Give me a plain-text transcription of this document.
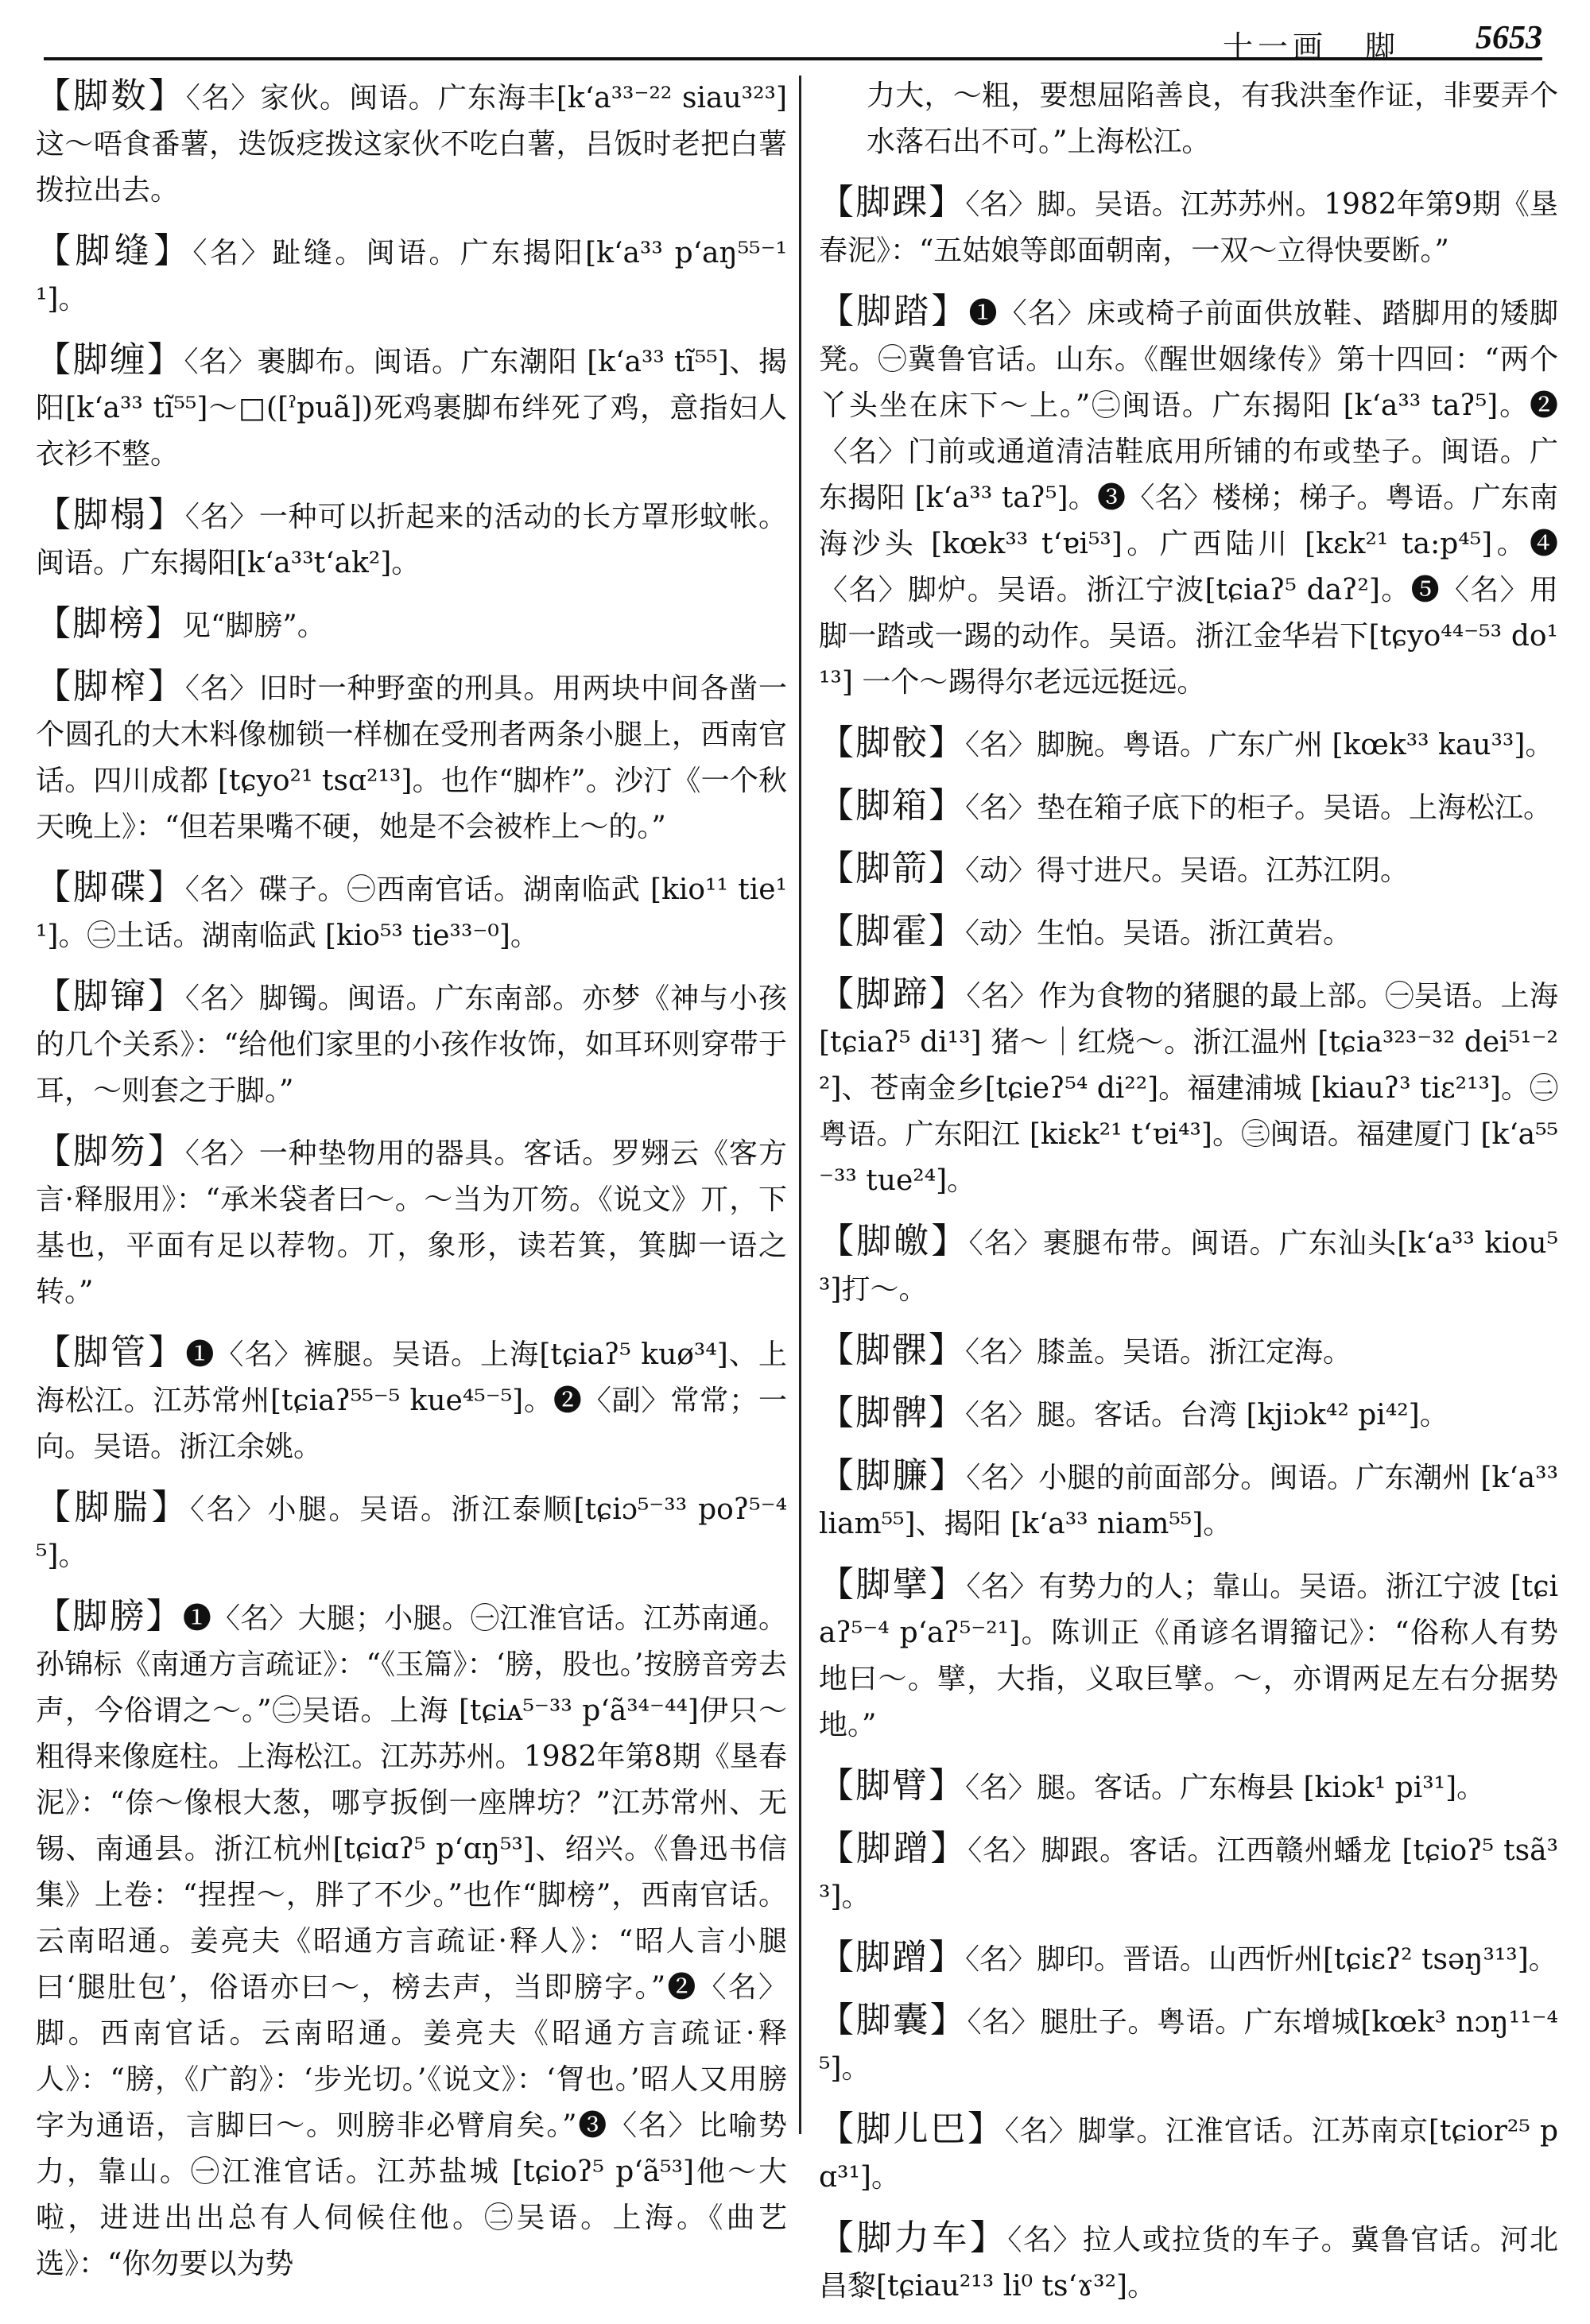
十一画 脚 5653
【脚数】〈名〉家伙。闽语。广东海丰[kʻa³³⁻²² siau³²³]这～唔食番薯，迭饭疺拨这家伙不吃白薯，吕饭时老把白薯拨拉出去。
【脚缝】〈名〉趾缝。闽语。广东揭阳[kʻa³³ pʻaŋ⁵⁵⁻¹¹]。
【脚缠】〈名〉裹脚布。闽语。广东潮阳 [kʻa³³ tĩ⁵⁵]、揭阳[kʻa³³ tĩ⁵⁵]～□([ˀpuã])死鸡裹脚布绊死了鸡，意指妇人衣衫不整。
【脚榻】〈名〉一种可以折起来的活动的长方罩形蚊帐。闽语。广东揭阳[kʻa³³tʻak²]。
【脚榜】见“脚膀”。
【脚榨】〈名〉旧时一种野蛮的刑具。用两块中间各凿一个圆孔的大木料像枷锁一样枷在受刑者两条小腿上，西南官话。四川成都 [tɕyo²¹ tsɑ²¹³]。也作“脚柞”。沙汀《一个秋天晚上》：“但若果嘴不硬，她是不会被柞上～的。”
【脚碟】〈名〉碟子。㊀西南官话。湖南临武 [kio¹¹ tie¹¹]。㊁土话。湖南临武 [kio⁵³ tie³³⁻⁰]。
【脚镩】〈名〉脚镯。闽语。广东南部。亦梦《神与小孩的几个关系》：“给他们家里的小孩作妆饰，如耳环则穿带于耳，～则套之于脚。”
【脚笏】〈名〉一种垫物用的器具。客话。罗翙云《客方言·释服用》：“承米袋者曰～。～当为丌笏。《说文》丌，下基也，平面有足以荐物。丌，象形，读若箕，箕脚一语之转。”
【脚管】❶〈名〉裤腿。吴语。上海[tɕiaʔ⁵ kuø³⁴]、上海松江。江苏常州[tɕiaʔ⁵⁵⁻⁵ kue⁴⁵⁻⁵]。❷〈副〉常常；一向。吴语。浙江余姚。
【脚腨】〈名〉小腿。吴语。浙江泰顺[tɕiɔ⁵⁻³³ poʔ⁵⁻⁴⁵]。
【脚膀】❶〈名〉大腿；小腿。㊀江淮官话。江苏南通。孙锦标《南通方言疏证》：“《玉篇》：‘膀，股也。’按膀音旁去声，今俗谓之～。”㊁吴语。上海 [tɕiᴀ⁵⁻³³ pʻã³⁴⁻⁴⁴]伊只～粗得来像庭柱。上海松江。江苏苏州。1982年第8期《垦春泥》：“倷～像根大葱，哪亨扳倒一座牌坊？”江苏常州、无锡、南通县。浙江杭州[tɕiɑʔ⁵ pʻɑŋ⁵³]、绍兴。《鲁迅书信集》上卷：“捏捏～，胖了不少。”也作“脚榜”，西南官话。云南昭通。姜亮夫《昭通方言疏证·释人》：“昭人言小腿曰‘腿肚包’，俗语亦曰～，榜去声，当即膀字。”❷〈名〉脚。西南官话。云南昭通。姜亮夫《昭通方言疏证·释人》：“膀，《广韵》：‘步光切。’《说文》：‘胷也。’昭人又用膀字为通语，言脚曰～。则膀非必臂肩矣。”❸〈名〉比喻势力，靠山。㊀江淮官话。江苏盐城 [tɕioʔ⁵ pʻã⁵³]他～大啦，进进出出总有人伺候住他。㊁吴语。上海。《曲艺选》：“你勿要以为势
力大，～粗，要想屈陷善良，有我洪奎作证，非要弄个水落石出不可。”上海松江。
【脚踝】〈名〉脚。吴语。江苏苏州。1982年第9期《垦春泥》：“五姑娘等郎面朝南，一双～立得快要断。”
【脚踏】❶〈名〉床或椅子前面供放鞋、踏脚用的矮脚凳。㊀冀鲁官话。山东。《醒世姻缘传》第十四回：“两个丫头坐在床下～上。”㊁闽语。广东揭阳 [kʻa³³ taʔ⁵]。❷〈名〉门前或通道清洁鞋底用所铺的布或垫子。闽语。广东揭阳 [kʻa³³ taʔ⁵]。❸〈名〉楼梯；梯子。粤语。广东南海沙头 [kœk³³ tʻɐi⁵³]。广西陆川 [kɛk²¹ ta:p⁴⁵]。❹〈名〉脚炉。吴语。浙江宁波[tɕiaʔ⁵ daʔ²]。❺〈名〉用脚一踏或一踢的动作。吴语。浙江金华岩下[tɕyo⁴⁴⁻⁵³ do¹¹³] 一个～踢得尔老远远挺远。
【脚骹】〈名〉脚腕。粤语。广东广州 [kœk³³ kau³³]。
【脚箱】〈名〉垫在箱子底下的柜子。吴语。上海松江。
【脚箭】〈动〉得寸进尺。吴语。江苏江阴。
【脚霍】〈动〉生怕。吴语。浙江黄岩。
【脚蹄】〈名〉作为食物的猪腿的最上部。㊀吴语。上海 [tɕiaʔ⁵ di¹³] 猪～｜红烧～。浙江温州 [tɕia³²³⁻³² dei⁵¹⁻²²]、苍南金乡[tɕieʔ⁵⁴ di²²]。福建浦城 [kiauʔ³ tiɛ²¹³]。㊁粤语。广东阳江 [kiɛk²¹ tʻɐi⁴³]。㊂闽语。福建厦门 [kʻa⁵⁵⁻³³ tue²⁴]。
【脚皦】〈名〉裹腿布带。闽语。广东汕头[kʻa³³ kiou⁵³]打～。
【脚髁】〈名〉膝盖。吴语。浙江定海。
【脚髀】〈名〉腿。客话。台湾 [kjiɔk⁴² pi⁴²]。
【脚臁】〈名〉小腿的前面部分。闽语。广东潮州 [kʻa³³ liam⁵⁵]、揭阳 [kʻa³³ niam⁵⁵]。
【脚擘】〈名〉有势力的人；靠山。吴语。浙江宁波 [tɕiaʔ⁵⁻⁴ pʻaʔ⁵⁻²¹]。陈训正《甬谚名谓籀记》：“俗称人有势地曰～。擘，大指，义取巨擘。～，亦谓两足左右分据势地。”
【脚臂】〈名〉腿。客话。广东梅县 [kiɔk¹ pi³¹]。
【脚蹭】〈名〉脚跟。客话。江西赣州蟠龙 [tɕioʔ⁵ tsã³³]。
【脚蹭】〈名〉脚印。晋语。山西忻州[tɕiɛʔ² tsəŋ³¹³]。
【脚囊】〈名〉腿肚子。粤语。广东增城[kœk³ nɔŋ¹¹⁻⁴⁵]。
【脚儿巴】〈名〉脚掌。江淮官话。江苏南京[tɕior²⁵ pɑ³¹]。
【脚力车】〈名〉拉人或拉货的车子。冀鲁官话。河北昌黎[tɕiau²¹³ li⁰ tsʻɤ³²]。
